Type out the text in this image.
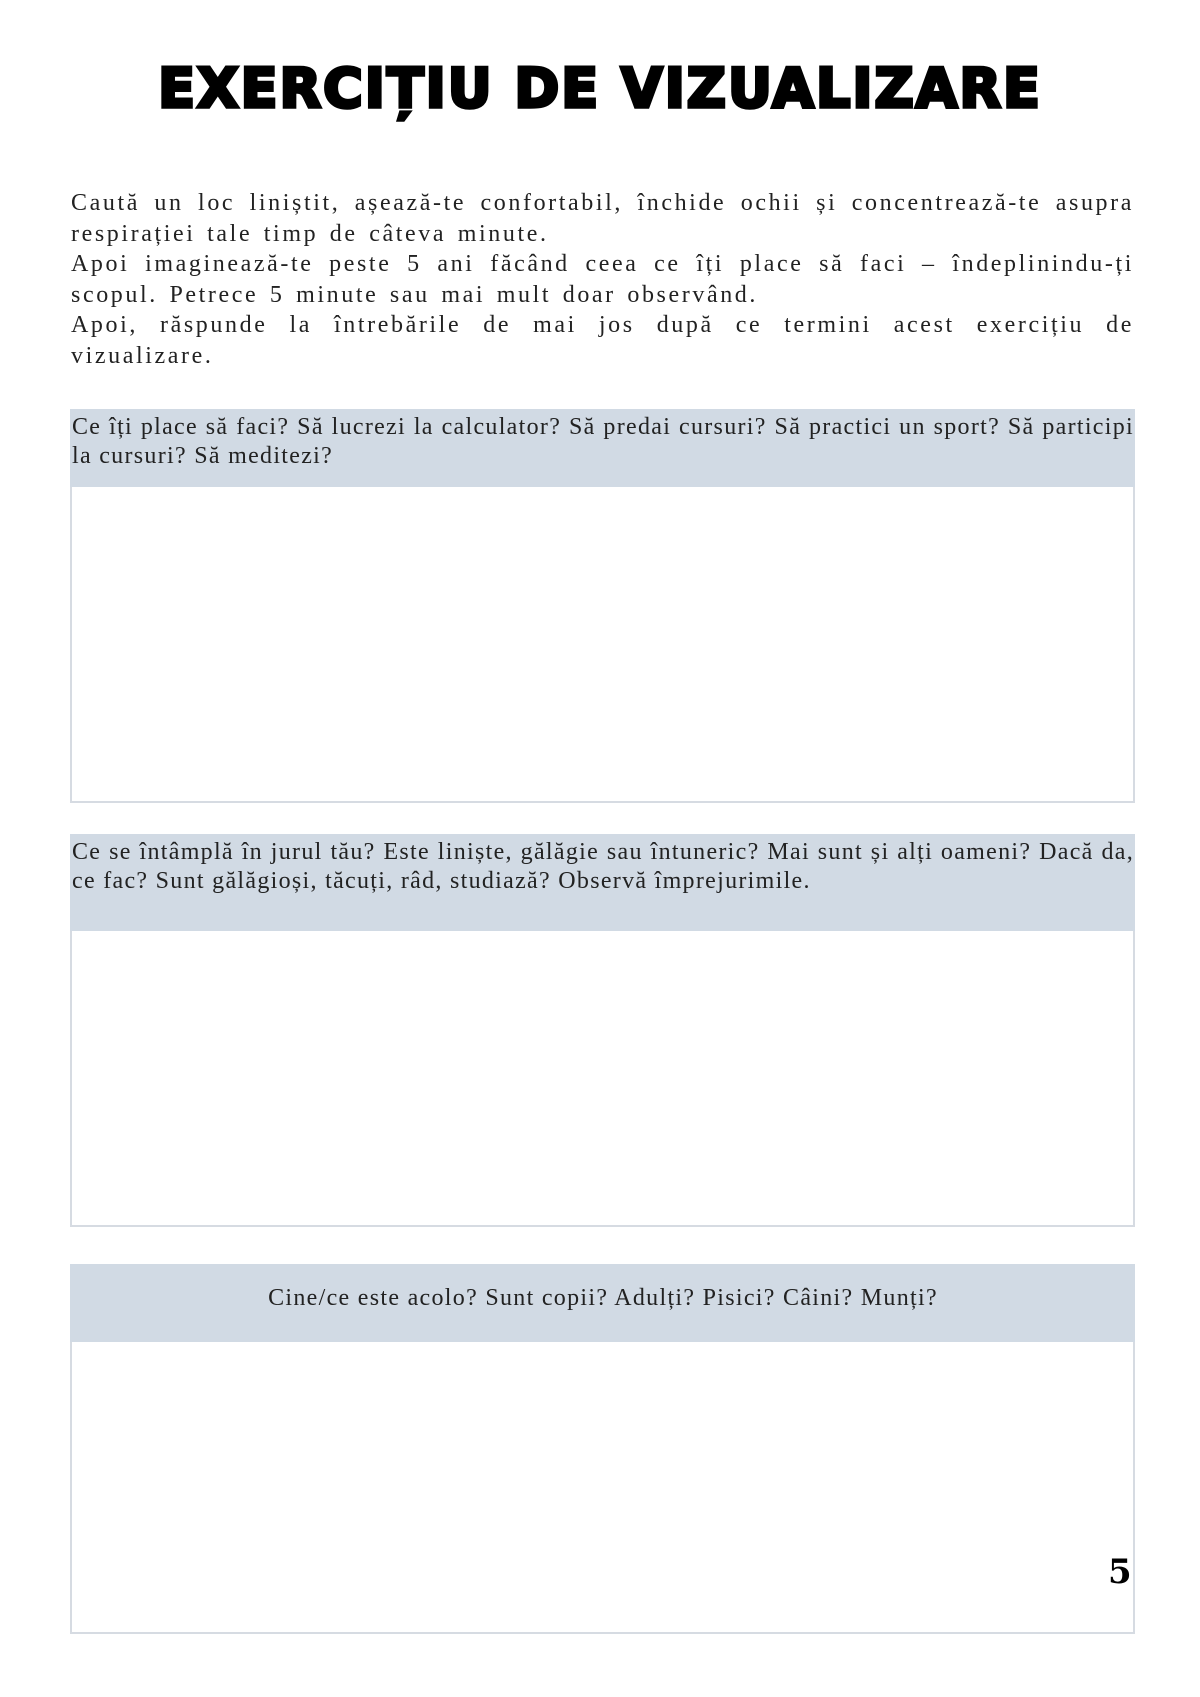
EXERCIȚIU DE VIZUALIZARE

Caută un loc liniștit, așează-te confortabil, închide ochii și concentrează-te asupra respirației tale timp de câteva minute.

Apoi imaginează-te peste 5 ani făcând ceea ce îți place să faci – îndeplinindu-ți scopul. Petrece 5 minute sau mai mult doar observând.

Apoi, răspunde la întrebările de mai jos după ce termini acest exercițiu de vizualizare.

Ce îți place să faci? Să lucrezi la calculator? Să predai cursuri? Să practici un sport? Să participi la cursuri? Să meditezi?
Ce se întâmplă în jurul tău? Este liniște, gălăgie sau întuneric? Mai sunt și alți oameni? Dacă da, ce fac? Sunt gălăgioși, tăcuți, râd, studiază? Observă împrejurimile.
Cine/ce este acolo? Sunt copii? Adulți? Pisici? Câini? Munți?
5
